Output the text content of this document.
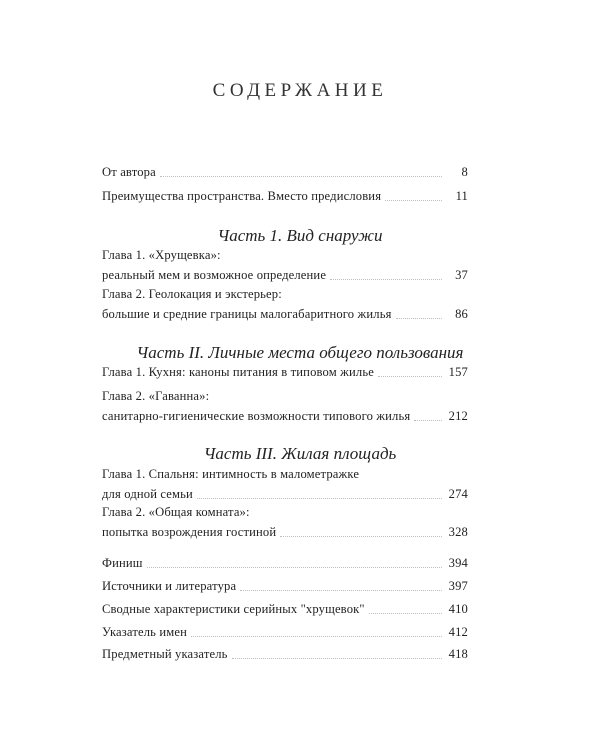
СОДЕРЖАНИЕ
От автора	8
Преимущества пространства. Вместо предисловия	11
Часть 1. Вид снаружи
Глава 1. «Хрущевка»:
реальный мем и возможное определение	37
Глава 2. Геолокация и экстерьер:
большие и средние границы малогабаритного жилья	86
Часть II. Личные места общего пользования
Глава 1. Кухня: каноны питания в типовом жилье	157
Глава 2. «Гаванна»:
санитарно-гигиенические возможности типового жилья	212
Часть III. Жилая площадь
Глава 1. Спальня: интимность в малометражке
для одной семьи	274
Глава 2. «Общая комната»:
попытка возрождения гостиной	328
Финиш	394
Источники и литература	397
Сводные характеристики серийных "хрущевок"	410
Указатель имен	412
Предметный указатель	418
